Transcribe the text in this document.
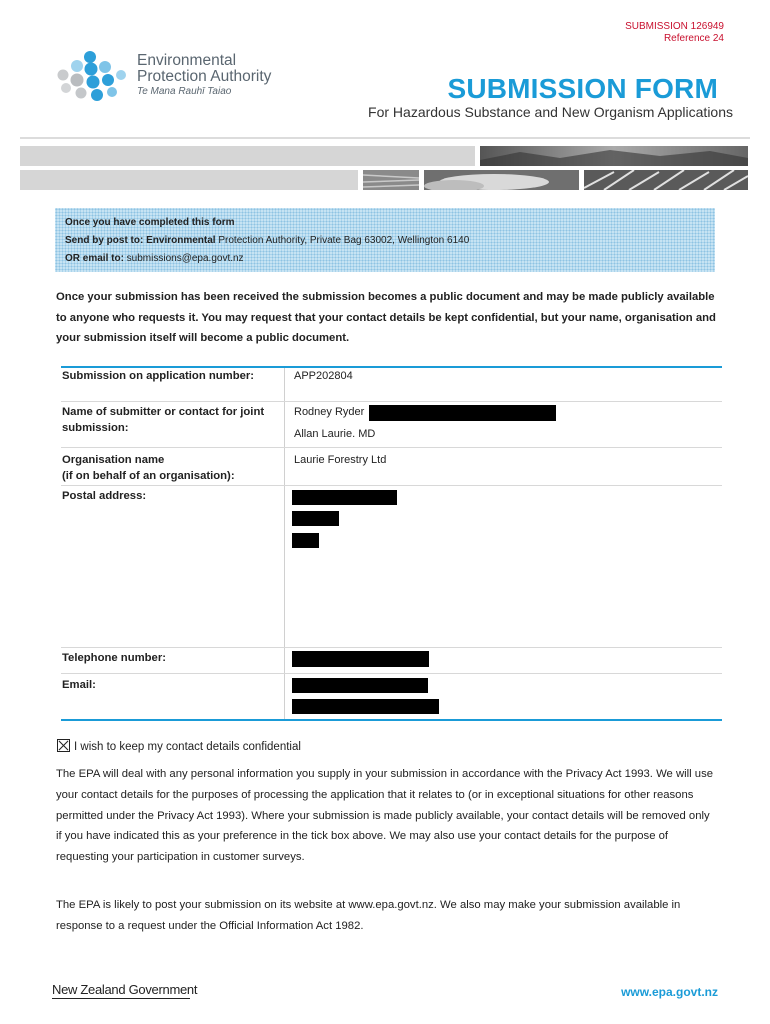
SUBMISSION 126949
Reference 24
Environmental
Protection Authority
Te Mana Rauhī Taiao	SUBMISSION FORM
For Hazardous Substance and New Organism Applications
Once you have completed this form
Send by post to: Environmental Protection Authority, Private Bag 63002, Wellington 6140
OR email to: submissions@epa.govt.nz
Once your submission has been received the submission becomes a public document and may be made publicly available to anyone who requests it. You may request that your contact details be kept confidential, but your name, organisation and your submission itself will become a public document.
Submission on application number:	APP202804
Name of submitter or contact for joint submission:
Rodney Ryder
Allan Laurie. MD
Organisation name
(if on behalf of an organisation):
Laurie Forestry Ltd
Postal address:
Telephone number:
Email:
I wish to keep my contact details confidential
The EPA will deal with any personal information you supply in your submission in accordance with the Privacy Act 1993. We will use your contact details for the purposes of processing the application that it relates to (or in exceptional situations for other reasons permitted under the Privacy Act 1993). Where your submission is made publicly available, your contact details will be removed only if you have indicated this as your preference in the tick box above. We may also use your contact details for the purpose of requesting your participation in customer surveys.
The EPA is likely to post your submission on its website at www.epa.govt.nz. We also may make your submission available in response to a request under the Official Information Act 1982.
New Zealand Government	www.epa.govt.nz
